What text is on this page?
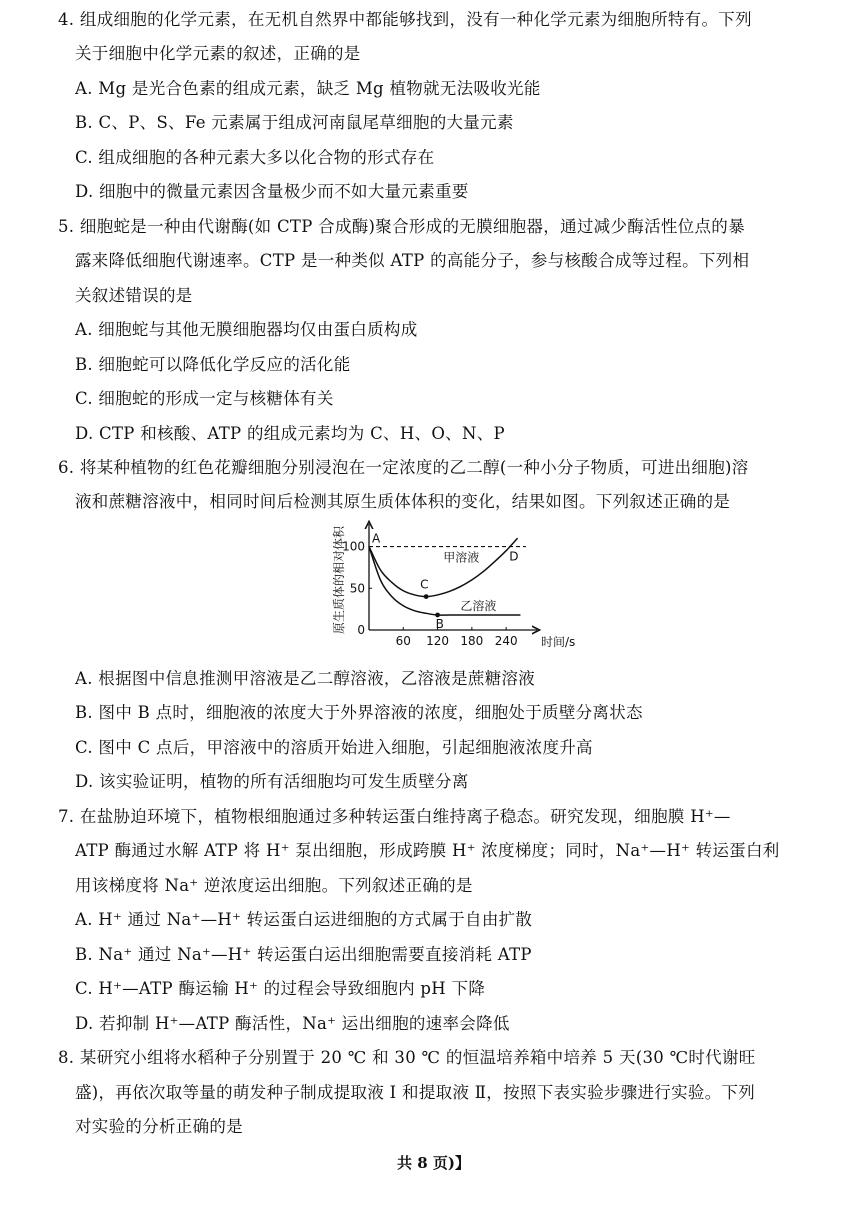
4. 组成细胞的化学元素，在无机自然界中都能够找到，没有一种化学元素为细胞所特有。下列
关于细胞中化学元素的叙述，正确的是
A. Mg 是光合色素的组成元素，缺乏 Mg 植物就无法吸收光能
B. C、P、S、Fe 元素属于组成河南鼠尾草细胞的大量元素
C. 组成细胞的各种元素大多以化合物的形式存在
D. 细胞中的微量元素因含量极少而不如大量元素重要
5. 细胞蛇是一种由代谢酶(如 CTP 合成酶)聚合形成的无膜细胞器，通过减少酶活性位点的暴
露来降低细胞代谢速率。CTP 是一种类似 ATP 的高能分子，参与核酸合成等过程。下列相
关叙述错误的是
A. 细胞蛇与其他无膜细胞器均仅由蛋白质构成
B. 细胞蛇可以降低化学反应的活化能
C. 细胞蛇的形成一定与核糖体有关
D. CTP 和核酸、ATP 的组成元素均为 C、H、O、N、P
6. 将某种植物的红色花瓣细胞分别浸泡在一定浓度的乙二醇(一种小分子物质，可进出细胞)溶
液和蔗糖溶液中，相同时间后检测其原生质体体积的变化，结果如图。下列叙述正确的是
0
50
100
60 120 180 240 时间/s
原生质体的相对体积	甲溶液
乙溶液
A
C
B
D
A. 根据图中信息推测甲溶液是乙二醇溶液，乙溶液是蔗糖溶液
B. 图中 B 点时，细胞液的浓度大于外界溶液的浓度，细胞处于质壁分离状态
C. 图中 C 点后，甲溶液中的溶质开始进入细胞，引起细胞液浓度升高
D. 该实验证明，植物的所有活细胞均可发生质壁分离
7. 在盐胁迫环境下，植物根细胞通过多种转运蛋白维持离子稳态。研究发现，细胞膜 H⁺—
ATP 酶通过水解 ATP 将 H⁺ 泵出细胞，形成跨膜 H⁺ 浓度梯度；同时，Na⁺—H⁺ 转运蛋白利
用该梯度将 Na⁺ 逆浓度运出细胞。下列叙述正确的是
A. H⁺ 通过 Na⁺—H⁺ 转运蛋白运进细胞的方式属于自由扩散
B. Na⁺ 通过 Na⁺—H⁺ 转运蛋白运出细胞需要直接消耗 ATP
C. H⁺—ATP 酶运输 H⁺ 的过程会导致细胞内 pH 下降
D. 若抑制 H⁺—ATP 酶活性，Na⁺ 运出细胞的速率会降低
8. 某研究小组将水稻种子分别置于 20 ℃ 和 30 ℃ 的恒温培养箱中培养 5 天(30 ℃时代谢旺
盛)，再依次取等量的萌发种子制成提取液 Ⅰ 和提取液 Ⅱ，按照下表实验步骤进行实验。下列
对实验的分析正确的是
共 8 页)】
